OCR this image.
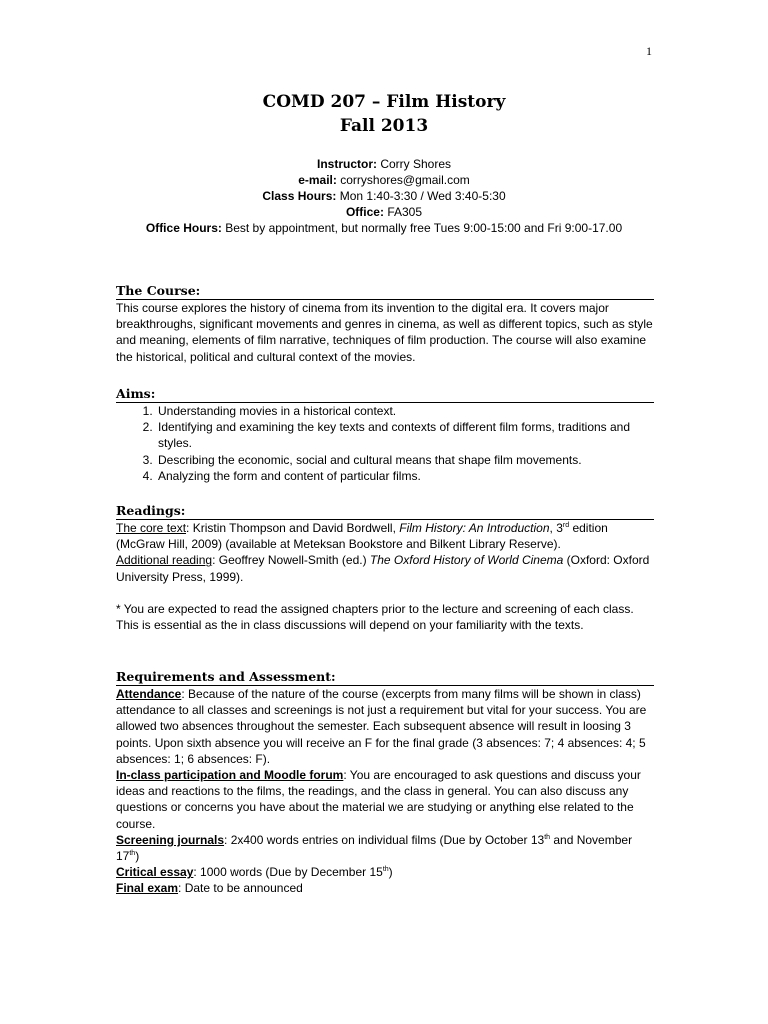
1
COMD 207 – Film History
Fall 2013
Instructor: Corry Shores
e-mail: corryshores@gmail.com
Class Hours: Mon 1:40-3:30 / Wed 3:40-5:30
Office: FA305
Office Hours: Best by appointment, but normally free Tues 9:00-15:00 and Fri 9:00-17.00
The Course:
This course explores the history of cinema from its invention to the digital era. It covers major breakthroughs, significant movements and genres in cinema, as well as different topics, such as style and meaning, elements of film narrative, techniques of film production. The course will also examine the historical, political and cultural context of the movies.
Aims:
1. Understanding movies in a historical context.
2. Identifying and examining the key texts and contexts of different film forms, traditions and styles.
3. Describing the economic, social and cultural means that shape film movements.
4. Analyzing the form and content of particular films.
Readings:
The core text: Kristin Thompson and David Bordwell, Film History: An Introduction, 3rd edition (McGraw Hill, 2009) (available at Meteksan Bookstore and Bilkent Library Reserve).
Additional reading: Geoffrey Nowell-Smith (ed.) The Oxford History of World Cinema (Oxford: Oxford University Press, 1999).
* You are expected to read the assigned chapters prior to the lecture and screening of each class. This is essential as the in class discussions will depend on your familiarity with the texts.
Requirements and Assessment:
Attendance: Because of the nature of the course (excerpts from many films will be shown in class) attendance to all classes and screenings is not just a requirement but vital for your success. You are allowed two absences throughout the semester. Each subsequent absence will result in loosing 3 points. Upon sixth absence you will receive an F for the final grade (3 absences: 7; 4 absences: 4; 5 absences: 1; 6 absences: F).
In-class participation and Moodle forum: You are encouraged to ask questions and discuss your ideas and reactions to the films, the readings, and the class in general. You can also discuss any questions or concerns you have about the material we are studying or anything else related to the course.
Screening journals: 2x400 words entries on individual films (Due by October 13th and November 17th)
Critical essay: 1000 words (Due by December 15th)
Final exam: Date to be announced
